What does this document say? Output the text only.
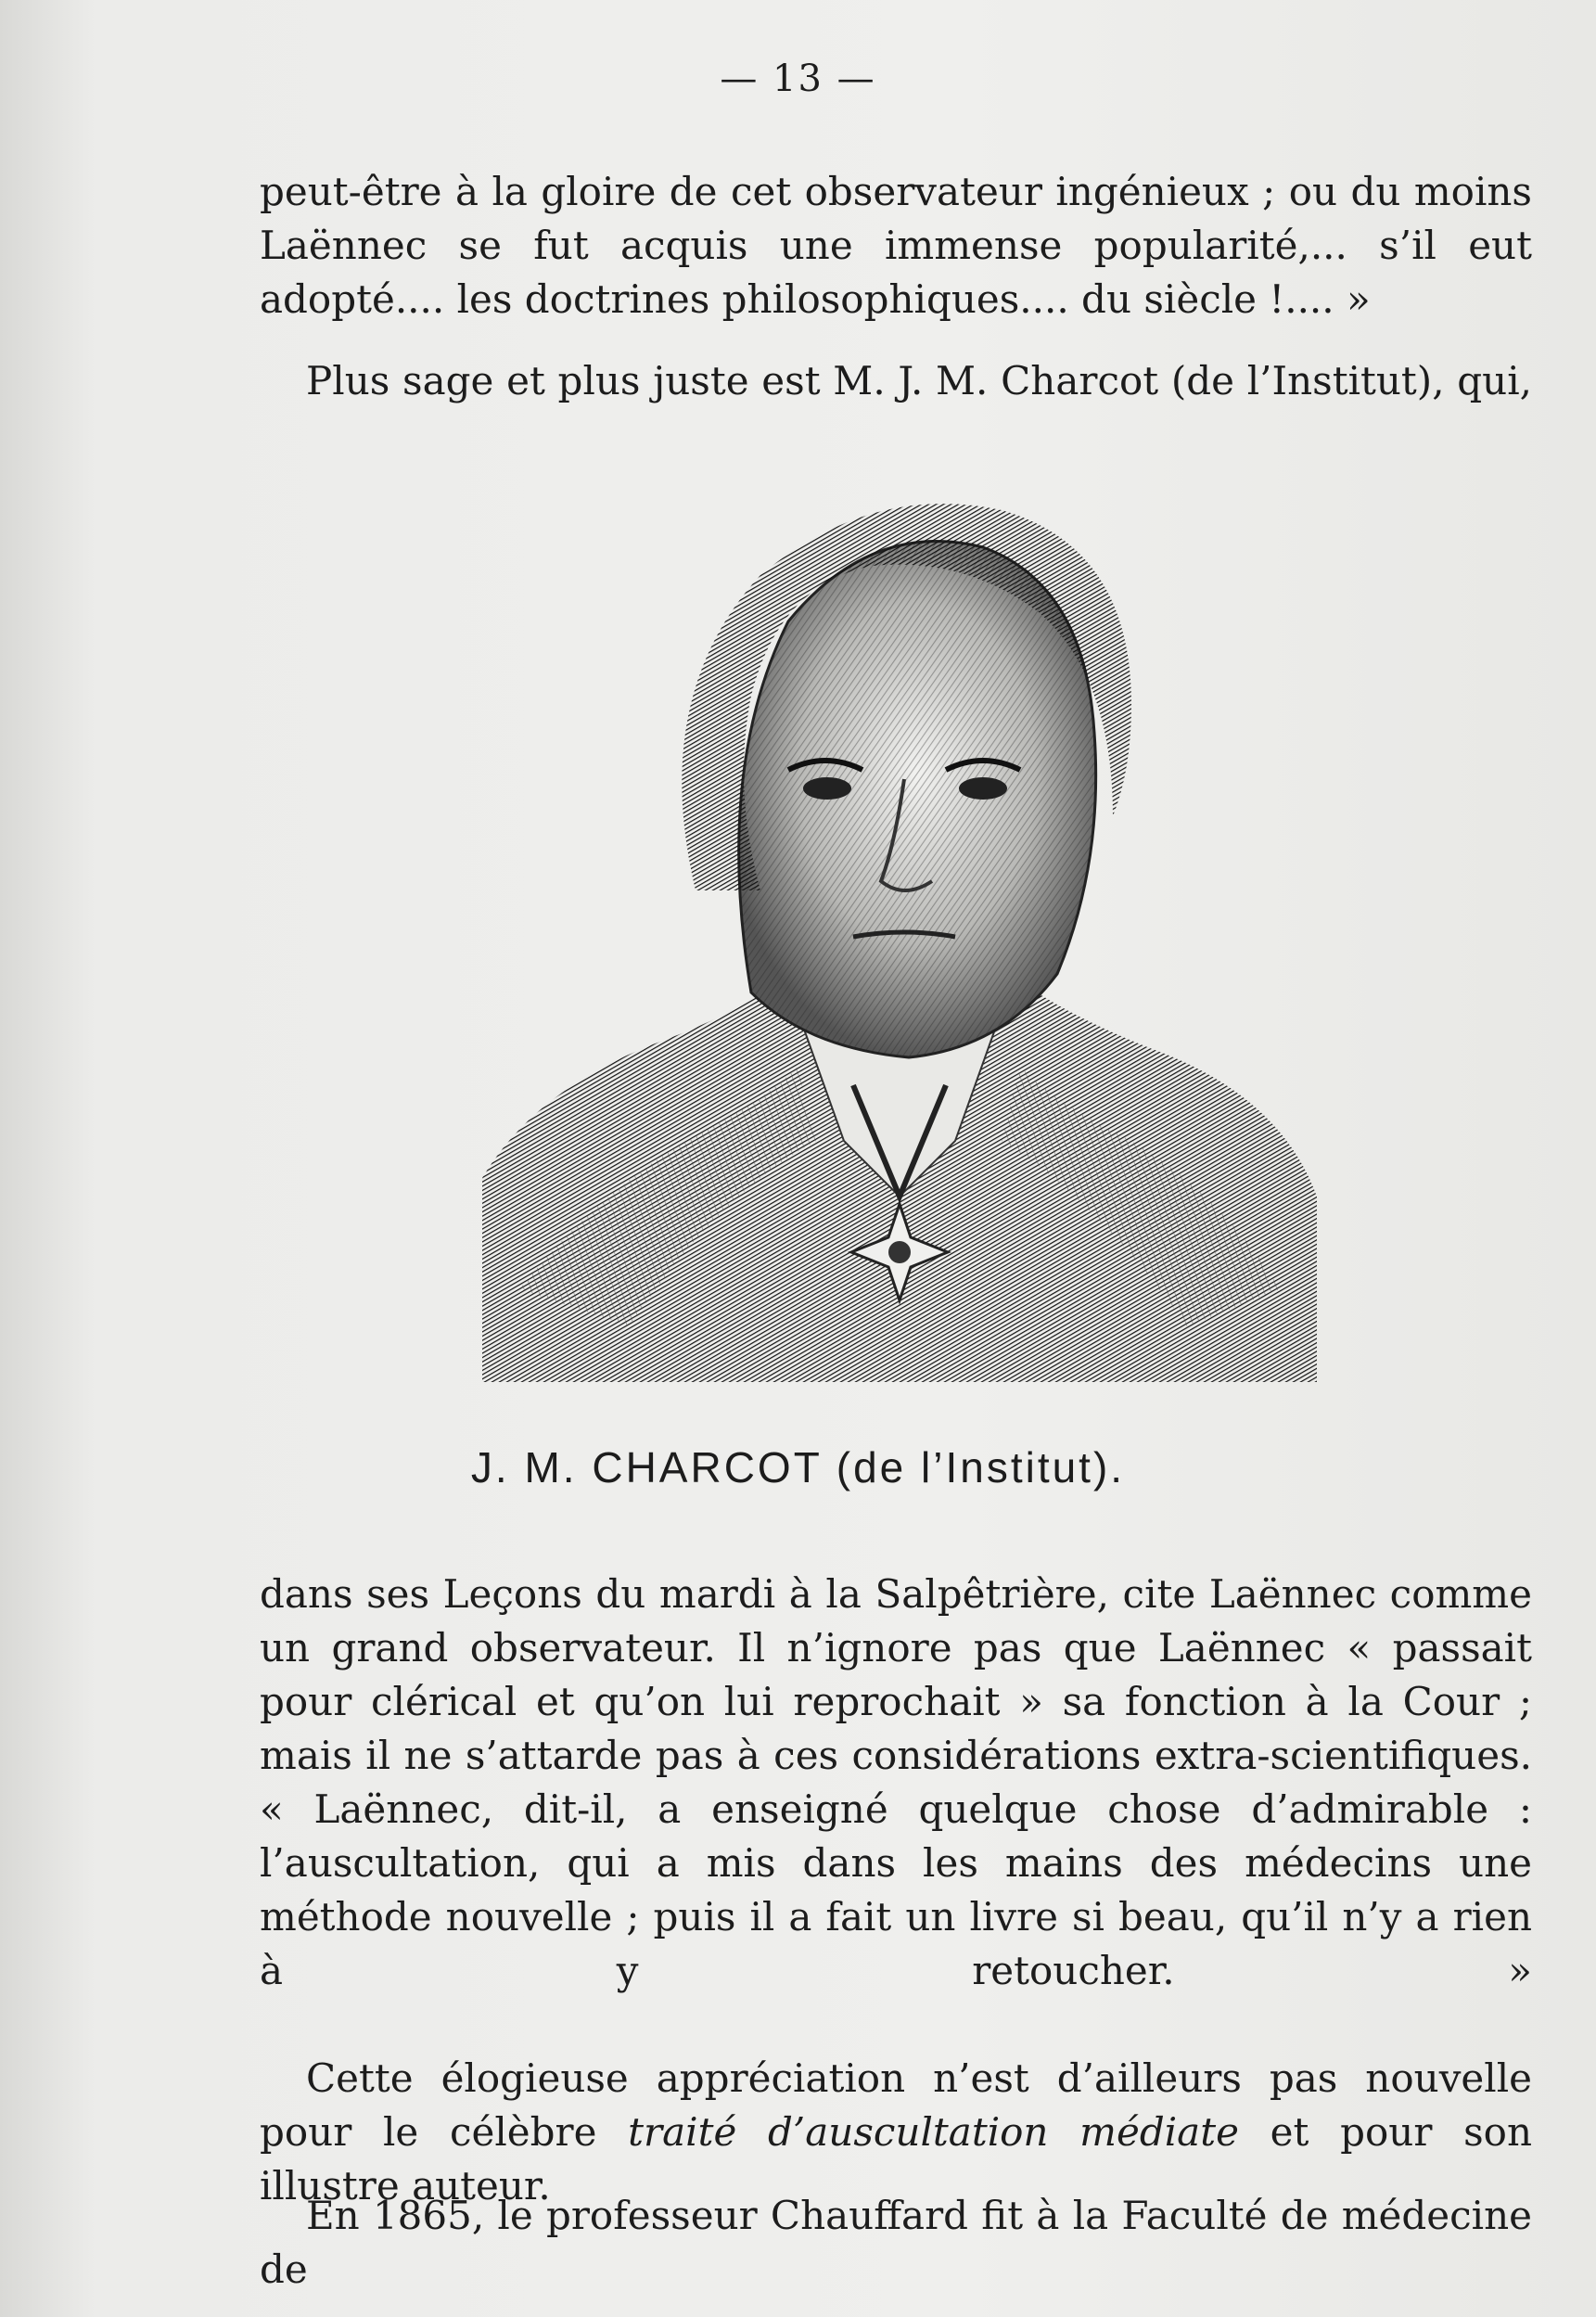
— 13 —

peut-être à la gloire de cet observateur ingénieux ; ou du moins Laënnec se fut acquis une immense popularité,... s’il eut adopté.... les doctrines philosophiques.... du siècle !.... »

Plus sage et plus juste est M. J. M. Charcot (de l’Institut), qui,

J. M. CHARCOT (de l’Institut).

dans ses Leçons du mardi à la Salpêtrière, cite Laënnec comme un grand observateur. Il n’ignore pas que Laënnec « passait pour clérical et qu’on lui reprochait » sa fonction à la Cour ; mais il ne s’attarde pas à ces considérations extra-scientifiques. « Laënnec, dit-il, a enseigné quelque chose d’admirable : l’auscultation, qui a mis dans les mains des médecins une méthode nouvelle ; puis il a fait un livre si beau, qu’il n’y a rien à y retoucher. »

Cette élogieuse appréciation n’est d’ailleurs pas nouvelle pour le célèbre traité d’auscultation médiate et pour son illustre auteur.

En 1865, le professeur Chauffard fit à la Faculté de médecine de
